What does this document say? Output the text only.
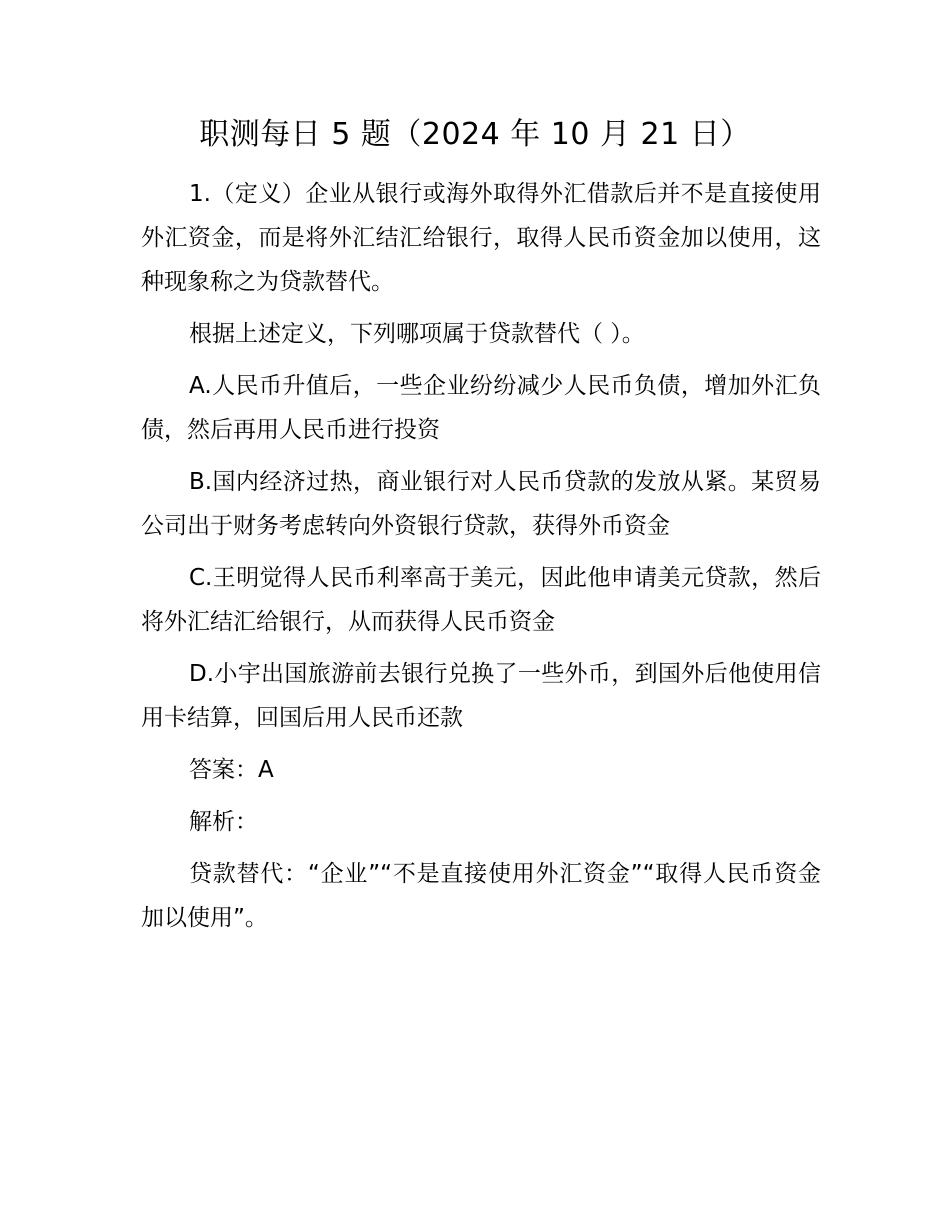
职测每日 5 题（2024 年 10 月 21 日）

1.（定义）企业从银行或海外取得外汇借款后并不是直接使用外汇资金，而是将外汇结汇给银行，取得人民币资金加以使用，这种现象称之为贷款替代。

根据上述定义，下列哪项属于贷款替代（ ）。

A.人民币升值后，一些企业纷纷减少人民币负债，增加外汇负债，然后再用人民币进行投资

B.国内经济过热，商业银行对人民币贷款的发放从紧。某贸易公司出于财务考虑转向外资银行贷款，获得外币资金

C.王明觉得人民币利率高于美元，因此他申请美元贷款，然后将外汇结汇给银行，从而获得人民币资金

D.小宇出国旅游前去银行兑换了一些外币，到国外后他使用信用卡结算，回国后用人民币还款

答案：A

解析：

贷款替代：“企业”“不是直接使用外汇资金”“取得人民币资金加以使用”。
